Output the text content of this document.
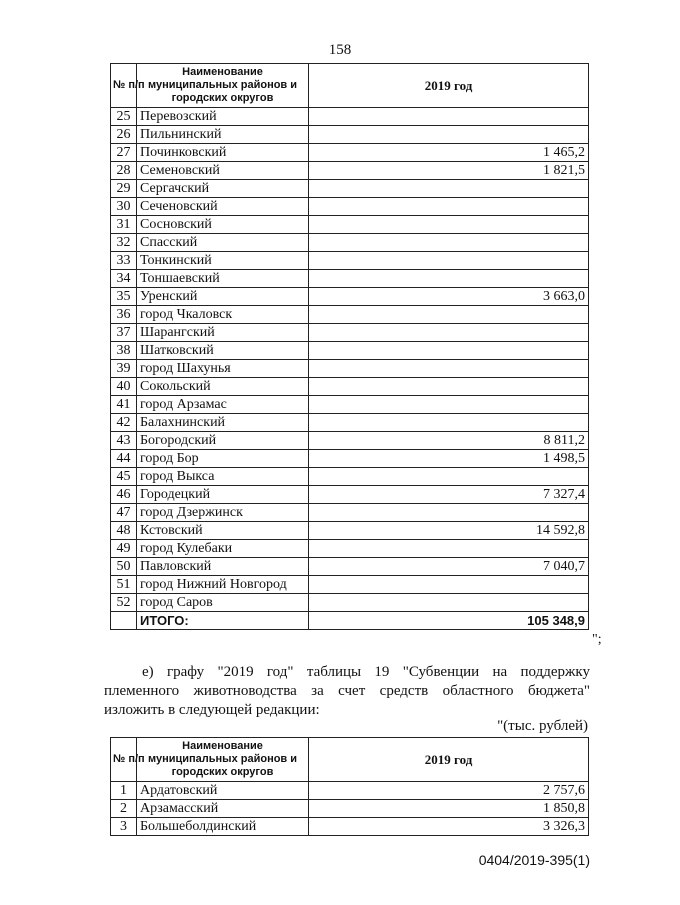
158
№ п/п	Наименование муниципальных районов и городских округов	2019 год
25	Перевозский	
26	Пильнинский	
27	Починковский	1 465,2
28	Семеновский	1 821,5
29	Сергачский	
30	Сеченовский	
31	Сосновский	
32	Спасский	
33	Тонкинский	
34	Тоншаевский	
35	Уренский	3 663,0
36	город Чкаловск	
37	Шарангский	
38	Шатковский	
39	город Шахунья	
40	Сокольский	
41	город Арзамас	
42	Балахнинский	
43	Богородский	8 811,2
44	город Бор	1 498,5
45	город Выкса	
46	Городецкий	7 327,4
47	город Дзержинск	
48	Кстовский	14 592,8
49	город Кулебаки	
50	Павловский	7 040,7
51	город Нижний Новгород	
52	город Саров	
	ИТОГО:	105 348,9
";
е) графу "2019 год" таблицы 19 "Субвенции на поддержку племенного животноводства за счет средств областного бюджета" изложить в следующей редакции:
"(тыс. рублей)
№ п/п	Наименование муниципальных районов и городских округов	2019 год
1	Ардатовский	2 757,6
2	Арзамасский	1 850,8
3	Большеболдинский	3 326,3
0404/2019-395(1)
